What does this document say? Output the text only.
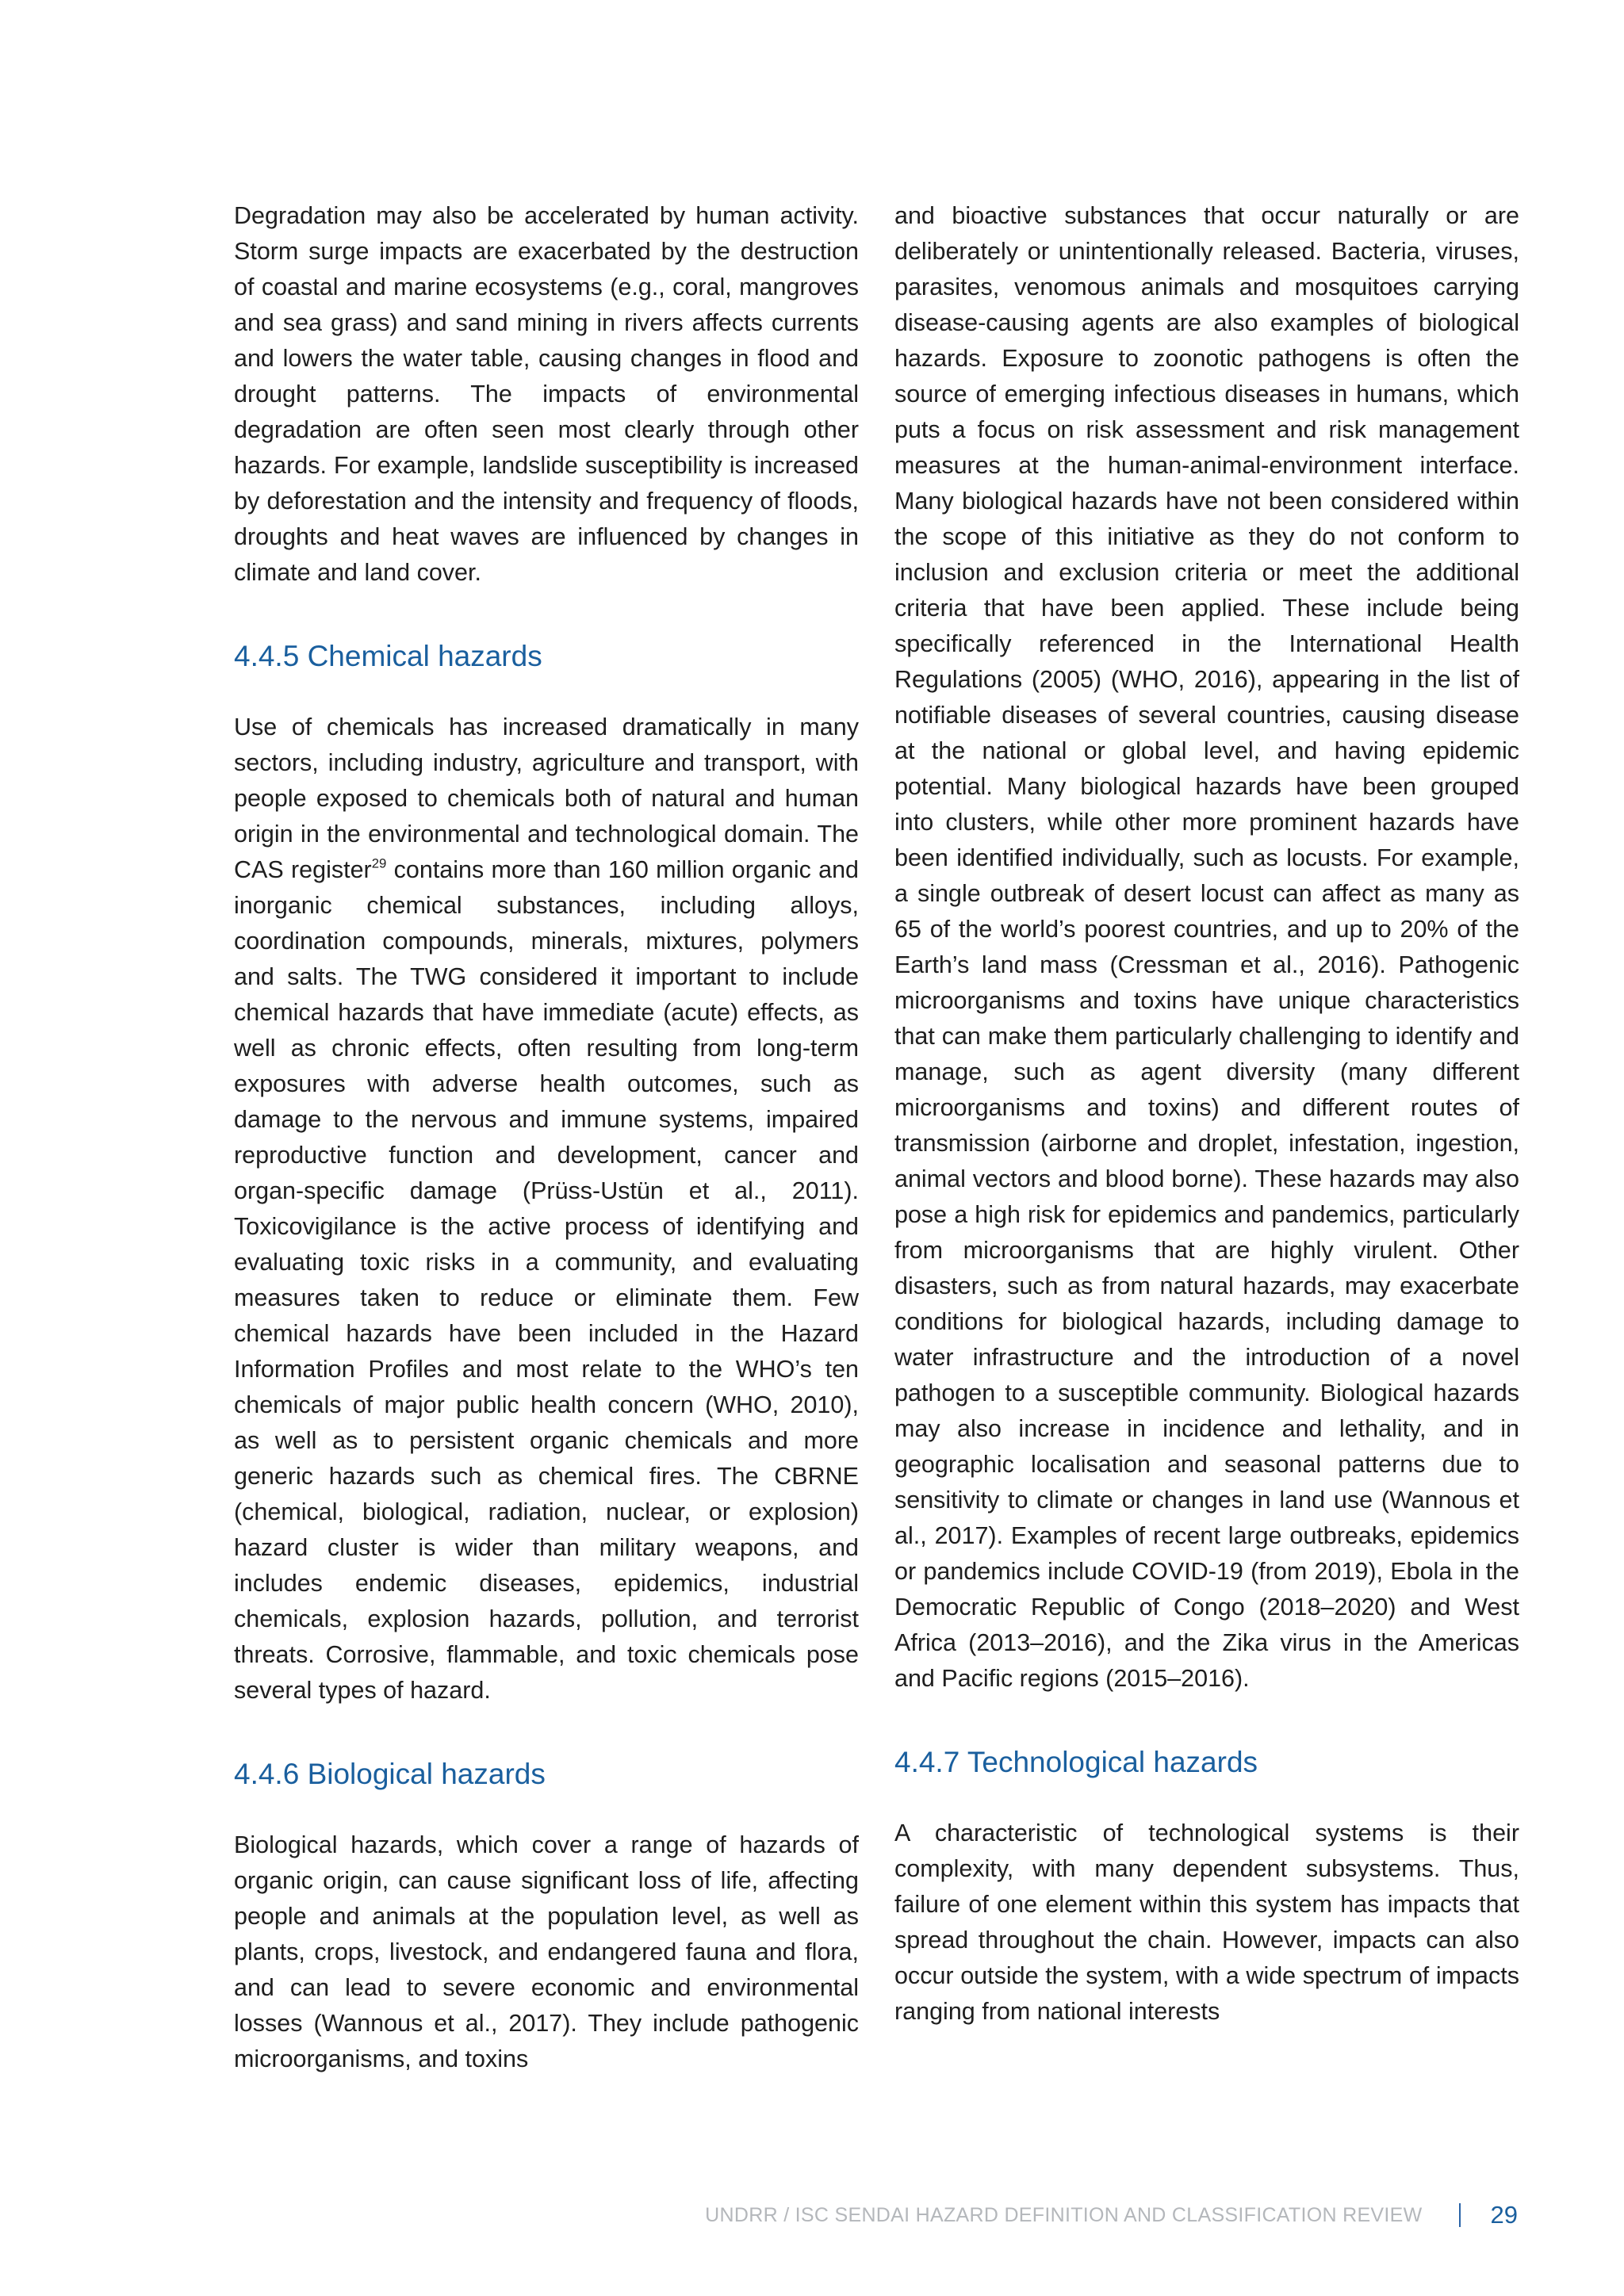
Degradation may also be accelerated by human activity. Storm surge impacts are exacerbated by the destruction of coastal and marine ecosystems (e.g., coral, mangroves and sea grass) and sand mining in rivers affects currents and lowers the water table, causing changes in flood and drought patterns. The impacts of environmental degradation are often seen most clearly through other hazards. For example, landslide susceptibility is increased by deforestation and the intensity and frequency of floods, droughts and heat waves are influenced by changes in climate and land cover.

4.4.5 Chemical hazards

Use of chemicals has increased dramatically in many sectors, including industry, agriculture and transport, with people exposed to chemicals both of natural and human origin in the environmental and technological domain. The CAS register$^{29}$ contains more than 160 million organic and inorganic chemical substances, including alloys, coordination compounds, minerals, mixtures, polymers and salts. The TWG considered it important to include chemical hazards that have immediate (acute) effects, as well as chronic effects, often resulting from long-term exposures with adverse health outcomes, such as damage to the nervous and immune systems, impaired reproductive function and development, cancer and organ-specific damage (Prüss-Ustün et al., 2011). Toxicovigilance is the active process of identifying and evaluating toxic risks in a community, and evaluating measures taken to reduce or eliminate them. Few chemical hazards have been included in the Hazard Information Profiles and most relate to the WHO’s ten chemicals of major public health concern (WHO, 2010), as well as to persistent organic chemicals and more generic hazards such as chemical fires. The CBRNE (chemical, biological, radiation, nuclear, or explosion) hazard cluster is wider than military weapons, and includes endemic diseases, epidemics, industrial chemicals, explosion hazards, pollution, and terrorist threats. Corrosive, flammable, and toxic chemicals pose several types of hazard.

4.4.6 Biological hazards

Biological hazards, which cover a range of hazards of organic origin, can cause significant loss of life, affecting people and animals at the population level, as well as plants, crops, livestock, and endangered fauna and flora, and can lead to severe economic and environmental losses (Wannous et al., 2017). They include pathogenic microorganisms, and toxins

and bioactive substances that occur naturally or are deliberately or unintentionally released. Bacteria, viruses, parasites, venomous animals and mosquitoes carrying disease-causing agents are also examples of biological hazards. Exposure to zoonotic pathogens is often the source of emerging infectious diseases in humans, which puts a focus on risk assessment and risk management measures at the human-animal-environment interface. Many biological hazards have not been considered within the scope of this initiative as they do not conform to inclusion and exclusion criteria or meet the additional criteria that have been applied. These include being specifically referenced in the International Health Regulations (2005) (WHO, 2016), appearing in the list of notifiable diseases of several countries, causing disease at the national or global level, and having epidemic potential. Many biological hazards have been grouped into clusters, while other more prominent hazards have been identified individually, such as locusts. For example, a single outbreak of desert locust can affect as many as 65 of the world’s poorest countries, and up to 20% of the Earth’s land mass (Cressman et al., 2016). Pathogenic microorganisms and toxins have unique characteristics that can make them particularly challenging to identify and manage, such as agent diversity (many different microorganisms and toxins) and different routes of transmission (airborne and droplet, infestation, ingestion, animal vectors and blood borne). These hazards may also pose a high risk for epidemics and pandemics, particularly from microorganisms that are highly virulent. Other disasters, such as from natural hazards, may exacerbate conditions for biological hazards, including damage to water infrastructure and the introduction of a novel pathogen to a susceptible community. Biological hazards may also increase in incidence and lethality, and in geographic localisation and seasonal patterns due to sensitivity to climate or changes in land use (Wannous et al., 2017). Examples of recent large outbreaks, epidemics or pandemics include COVID-19 (from 2019), Ebola in the Democratic Republic of Congo (2018–2020) and West Africa (2013–2016), and the Zika virus in the Americas and Pacific regions (2015–2016).

4.4.7 Technological hazards

A characteristic of technological systems is their complexity, with many dependent subsystems. Thus, failure of one element within this system has impacts that spread throughout the chain. However, impacts can also occur outside the system, with a wide spectrum of impacts ranging from national interests

UNDRR / ISC SENDAI HAZARD DEFINITION AND CLASSIFICATION REVIEW	29
